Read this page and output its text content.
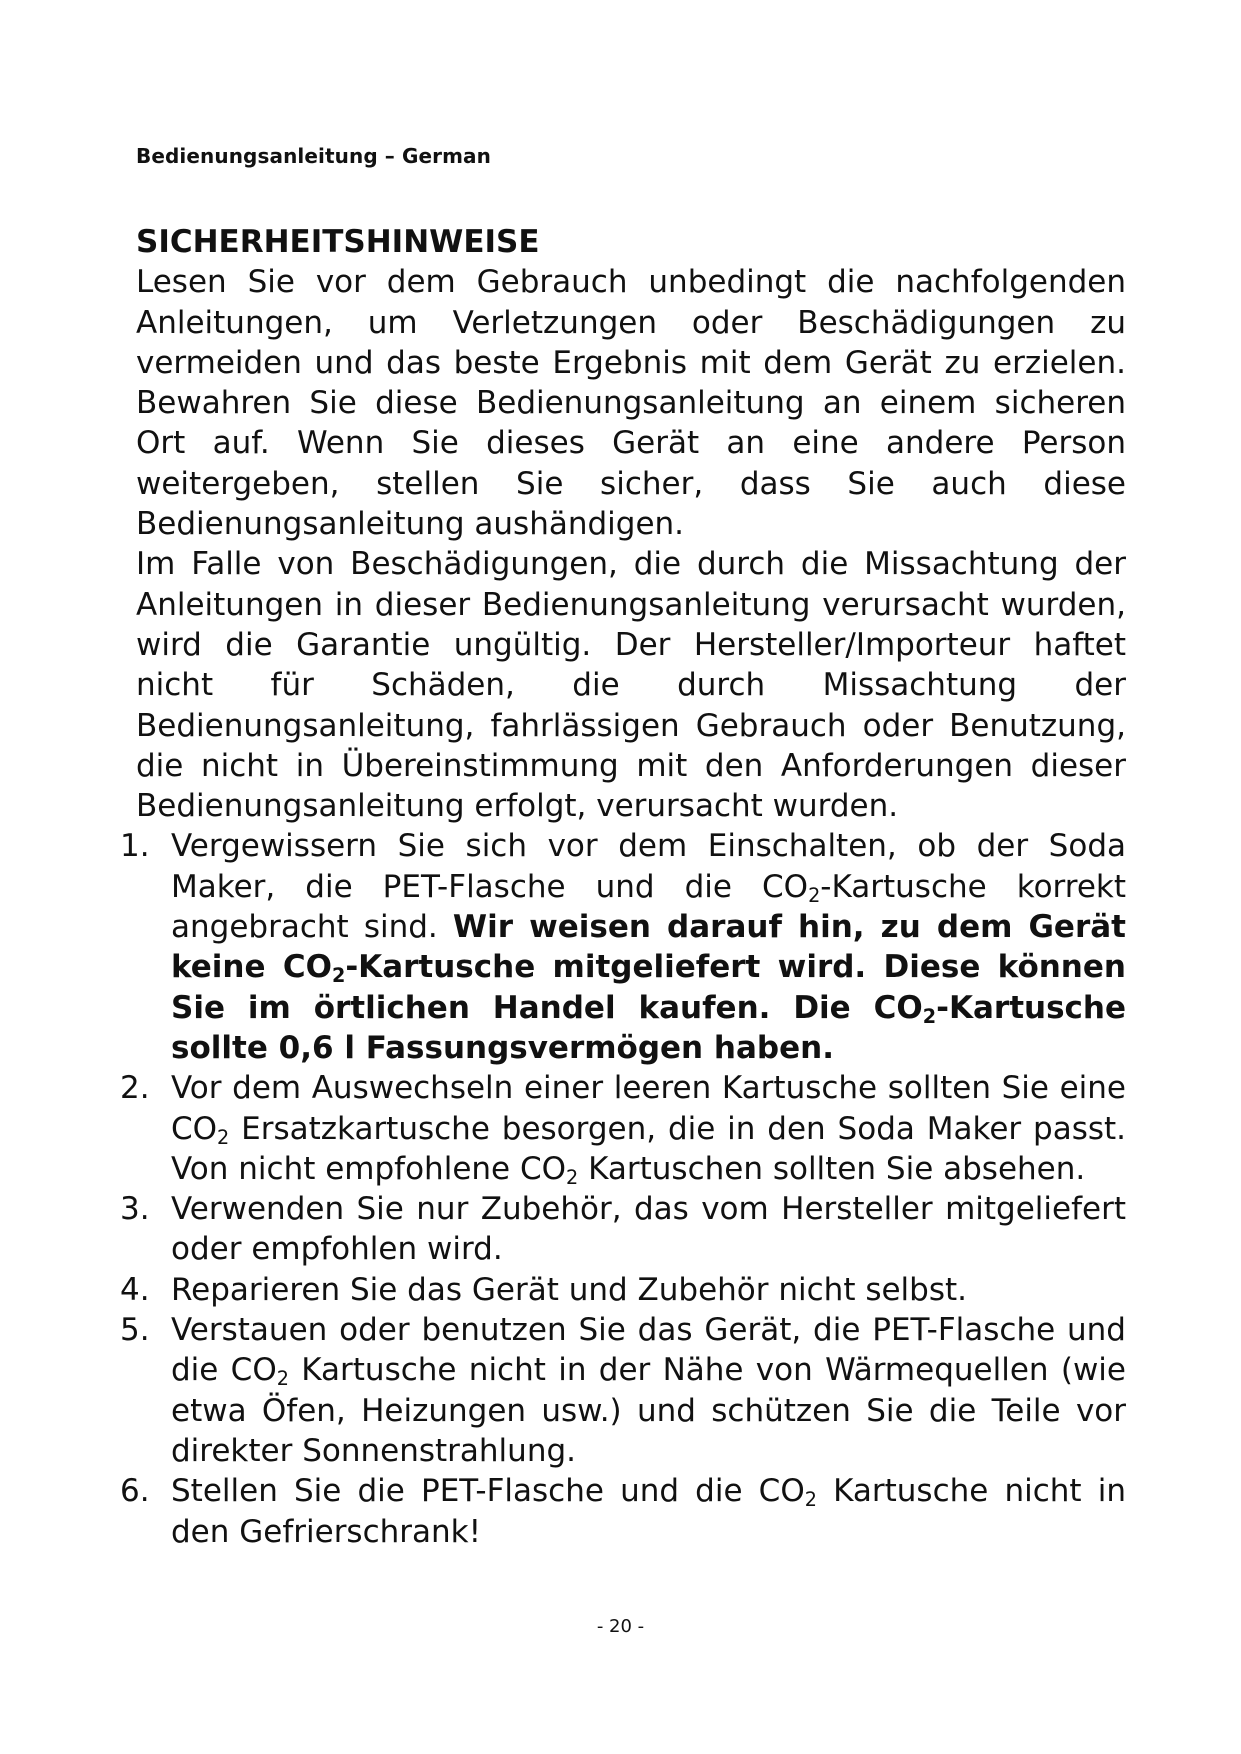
Bedienungsanleitung – German

SICHERHEITSHINWEISE

Lesen Sie vor dem Gebrauch unbedingt die nachfolgenden Anleitungen, um Verletzungen oder Beschädigungen zu vermeiden und das beste Ergebnis mit dem Gerät zu erzielen. Bewahren Sie diese Bedienungsanleitung an einem sicheren Ort auf. Wenn Sie dieses Gerät an eine andere Person weitergeben, stellen Sie sicher, dass Sie auch diese Bedienungsanleitung aushändigen.

Im Falle von Beschädigungen, die durch die Missachtung der Anleitungen in dieser Bedienungsanleitung verursacht wurden, wird die Garantie ungültig. Der Hersteller/Importeur haftet nicht für Schäden, die durch Missachtung der Bedienungsanleitung, fahrlässigen Gebrauch oder Benutzung, die nicht in Übereinstimmung mit den Anforderungen dieser Bedienungsanleitung erfolgt, verursacht wurden.

1. Vergewissern Sie sich vor dem Einschalten, ob der Soda Maker, die PET-Flasche und die $CO_2$-Kartusche korrekt angebracht sind. Wir weisen darauf hin, zu dem Gerät keine $CO_2$-Kartusche mitgeliefert wird. Diese können Sie im örtlichen Handel kaufen. Die $CO_2$-Kartusche sollte 0,6 l Fassungsvermögen haben.
2. Vor dem Auswechseln einer leeren Kartusche sollten Sie eine $CO_2$ Ersatzkartusche besorgen, die in den Soda Maker passt. Von nicht empfohlene $CO_2$ Kartuschen sollten Sie absehen.
3. Verwenden Sie nur Zubehör, das vom Hersteller mitgeliefert oder empfohlen wird.
4. Reparieren Sie das Gerät und Zubehör nicht selbst.
5. Verstauen oder benutzen Sie das Gerät, die PET-Flasche und die $CO_2$ Kartusche nicht in der Nähe von Wärmequellen (wie etwa Öfen, Heizungen usw.) und schützen Sie die Teile vor direkter Sonnenstrahlung.
6. Stellen Sie die PET-Flasche und die $CO_2$ Kartusche nicht in den Gefrierschrank!
- 20 -
